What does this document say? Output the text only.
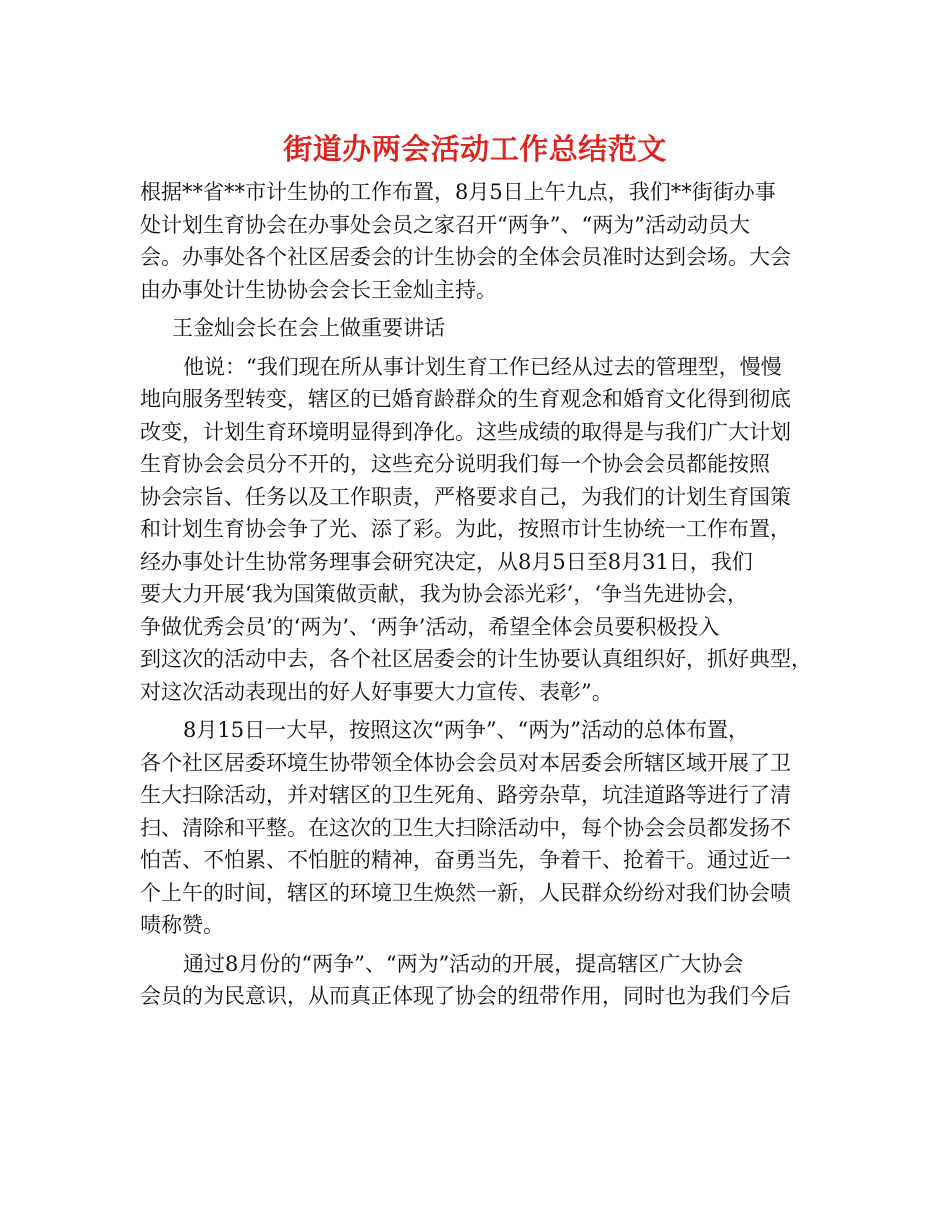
街道办两会活动工作总结范文
根据**省**市计生协的工作布置，8月5日上午九点，我们**街街办事
处计划生育协会在办事处会员之家召开“两争”、“两为”活动动员大
会。办事处各个社区居委会的计生协会的全体会员准时达到会场。大会
由办事处计生协协会会长王金灿主持。
王金灿会长在会上做重要讲话
他说：“我们现在所从事计划生育工作已经从过去的管理型，慢慢
地向服务型转变，辖区的已婚育龄群众的生育观念和婚育文化得到彻底
改变，计划生育环境明显得到净化。这些成绩的取得是与我们广大计划
生育协会会员分不开的，这些充分说明我们每一个协会会员都能按照
协会宗旨、任务以及工作职责，严格要求自己，为我们的计划生育国策
和计划生育协会争了光、添了彩。为此，按照市计生协统一工作布置，
经办事处计生协常务理事会研究决定，从8月5日至8月31日，我们
要大力开展‘我为国策做贡献，我为协会添光彩’，‘争当先进协会，
争做优秀会员’的‘两为’、‘两争’活动，希望全体会员要积极投入
到这次的活动中去，各个社区居委会的计生协要认真组织好，抓好典型，
对这次活动表现出的好人好事要大力宣传、表彰”。
8月15日一大早，按照这次“两争”、“两为”活动的总体布置，
各个社区居委环境生协带领全体协会会员对本居委会所辖区域开展了卫
生大扫除活动，并对辖区的卫生死角、路旁杂草，坑洼道路等进行了清
扫、清除和平整。在这次的卫生大扫除活动中，每个协会会员都发扬不
怕苦、不怕累、不怕脏的精神，奋勇当先，争着干、抢着干。通过近一
个上午的时间，辖区的环境卫生焕然一新，人民群众纷纷对我们协会啧
啧称赞。
通过8月份的“两争”、“两为”活动的开展，提高辖区广大协会
会员的为民意识，从而真正体现了协会的纽带作用，同时也为我们今后
